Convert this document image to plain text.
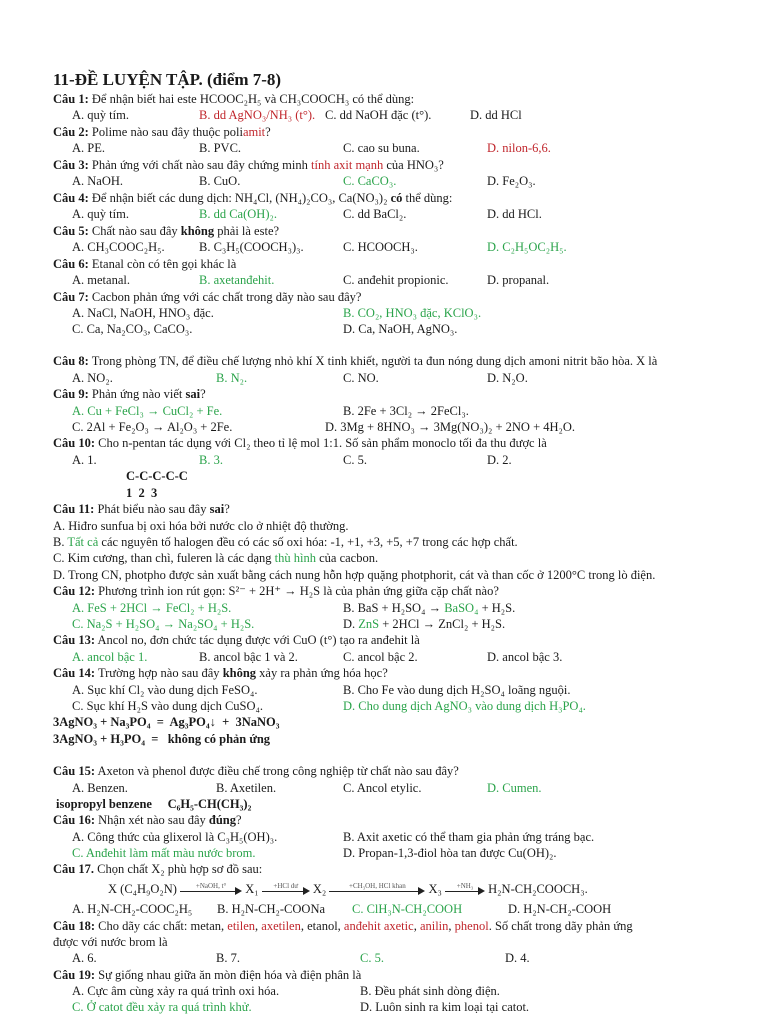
11-ĐỀ LUYỆN TẬP. (điểm 7-8)
Câu 1: Để nhận biết hai este HCOOC₂H₅ và CH₃COOCH₃ có thể dùng:
A. quỳ tím.	B. dd AgNO₃/NH₃ (t°). C. dd NaOH đặc (t°).	D. dd HCl
Câu 2: Polime nào sau đây thuộc poliamit?
A. PE.	B. PVC.	C. cao su buna.	D. nilon-6,6.
Câu 3: Phản ứng với chất nào sau đây chứng minh tính axit mạnh của HNO₃?
A. NaOH.	B. CuO.	C. CaCO₃.	D. Fe₂O₃.
Câu 4: Để nhận biết các dung dịch: NH₄Cl, (NH₄)₂CO₃, Ca(NO₃)₂ có thể dùng:
A. quỳ tím.	B. dd Ca(OH)₂.	C. dd BaCl₂.	D. dd HCl.
Câu 5: Chất nào sau đây không phải là este?
A. CH₃COOC₂H₅.	B. C₃H₅(COOCH₃)₃.	C. HCOOCH₃.	D. C₂H₅OC₂H₅.
Câu 6: Etanal còn có tên gọi khác là
A. metanal.	B. axetanđehit.	C. anđehit propionic.	D. propanal.
Câu 7: Cacbon phản ứng với các chất trong dãy nào sau đây?
A. NaCl, NaOH, HNO₃ đặc.	B. CO₂, HNO₃ đặc, KClO₃.
C. Ca, Na₂CO₃, CaCO₃.	D. Ca, NaOH, AgNO₃.
Câu 8: Trong phòng TN, để điều chế lượng nhỏ khí X tinh khiết, người ta đun nóng dung dịch amoni nitrit bão hòa. X là
A. NO₂.	B. N₂.	C. NO.	D. N₂O.
Câu 9: Phản ứng nào viết sai?
A. Cu + FeCl₃ → CuCl₂ + Fe.	B. 2Fe + 3Cl₂ → 2FeCl₃.
C. 2Al + Fe₂O₃ → Al₂O₃ + 2Fe.	D. 3Mg + 8HNO₃ → 3Mg(NO₃)₂ + 2NO + 4H₂O.
Câu 10: Cho n-pentan tác dụng với Cl₂ theo tỉ lệ mol 1:1. Số sản phẩm monoclo tối đa thu được là
A. 1.	B. 3.	C. 5.	D. 2.
C-C-C-C-C
1  2  3
Câu 11: Phát biểu nào sau đây sai?
A. Hiđro sunfua bị oxi hóa bởi nước clo ở nhiệt độ thường.
B. Tất cả các nguyên tố halogen đều có các số oxi hóa: -1, +1, +3, +5, +7 trong các hợp chất.
C. Kim cương, than chì, fuleren là các dạng thù hình của cacbon.
D. Trong CN, photpho được sản xuất bằng cách nung hỗn hợp quặng photphorit, cát và than cốc ở 1200°C trong lò điện.
Câu 12: Phương trình ion rút gọn: S²⁻ + 2H⁺ → H₂S là của phản ứng giữa cặp chất nào?
A. FeS + 2HCl → FeCl₂ + H₂S.	B. BaS + H₂SO₄ → BaSO₄ + H₂S.
C. Na₂S + H₂SO₄ → Na₂SO₄ + H₂S.	D. ZnS + 2HCl → ZnCl₂ + H₂S.
Câu 13: Ancol no, đơn chức tác dụng được với CuO (t°) tạo ra anđehit là
A. ancol bậc 1.	B. ancol bậc 1 và 2.	C. ancol bậc 2.	D. ancol bậc 3.
Câu 14: Trường hợp nào sau đây không xảy ra phản ứng hóa học?
A. Sục khí Cl₂ vào dung dịch FeSO₄.	B. Cho Fe vào dung dịch H₂SO₄ loãng nguội.
C. Sục khí H₂S vào dung dịch CuSO₄.	D. Cho dung dịch AgNO₃ vào dung dịch H₃PO₄.
3AgNO₃ + Na₃PO₄  =  Ag₃PO₄↓  +  3NaNO₃
3AgNO₃ + H₃PO₄  =   không có phản ứng
Câu 15: Axeton và phenol được điều chế trong công nghiệp từ chất nào sau đây?
A. Benzen.	B. Axetilen.	C. Ancol etylic.	D. Cumen.
isopropyl benzene     C₆H₅-CH(CH₃)₂
Câu 16: Nhận xét nào sau đây đúng?
A. Công thức của glixerol là C₃H₅(OH)₃.	B. Axit axetic có thể tham gia phản ứng tráng bạc.
C. Anđehit làm mất màu nước brom.	D. Propan-1,3-điol hòa tan được Cu(OH)₂.
Câu 17. Chọn chất X₂ phù hợp sơ đồ sau:
X (C₄H₉O₂N)	+NaOH, t°	X₁	+HCl dư	X₂	+CH₃OH, HCl khan	X₃	+NH₃	H₂N-CH₂COOCH₃.
A. H₂N-CH₂-COOC₂H₅ B. H₂N-CH₂-COONa C. ClH₃N-CH₂COOH	D. H₂N-CH₂-COOH
Câu 18: Cho dãy các chất: metan, etilen, axetilen, etanol, anđehit axetic, anilin, phenol. Số chất trong dãy phản ứng
được với nước brom là
A. 6.	B. 7.	C. 5.	D. 4.
Câu 19: Sự giống nhau giữa ăn mòn điện hóa và điện phân là
A. Cực âm cùng xảy ra quá trình oxi hóa.	B. Đều phát sinh dòng điện.
C. Ở catot đều xảy ra quá trình khử.	D. Luôn sinh ra kim loại tại catot.
